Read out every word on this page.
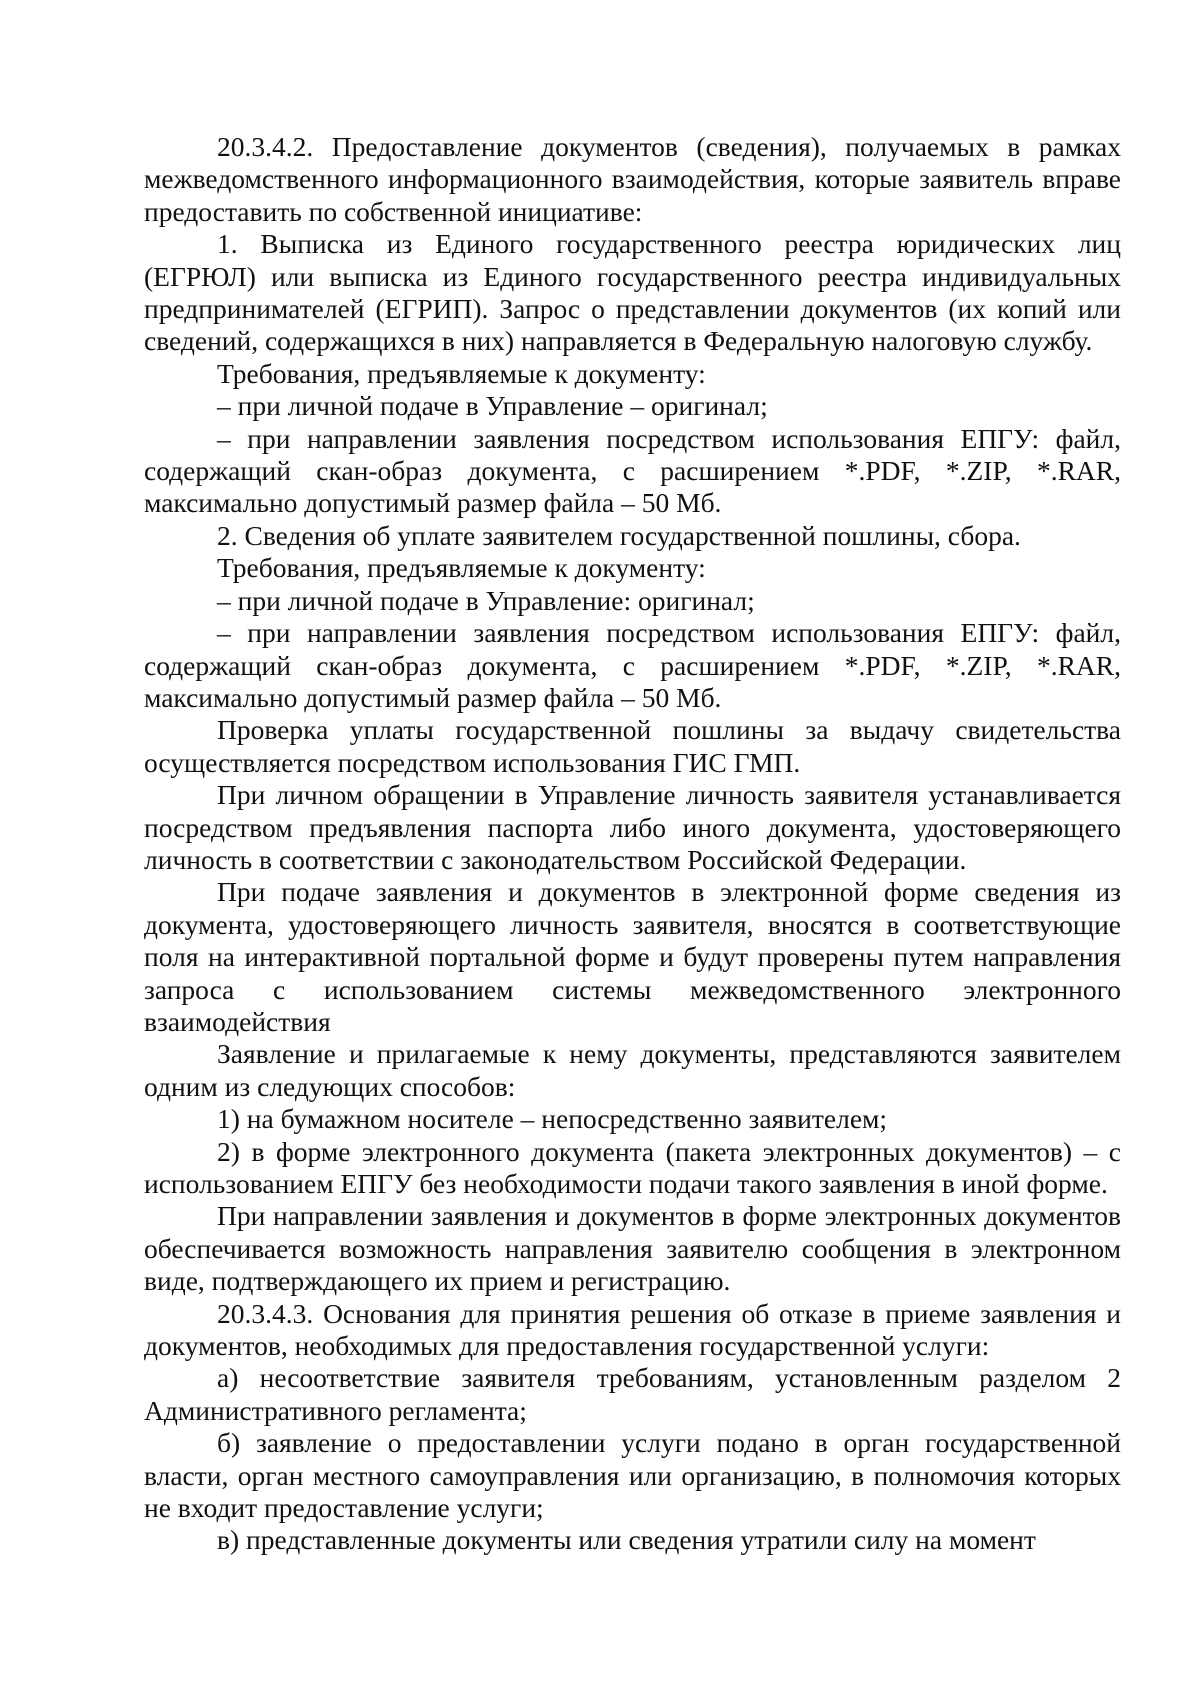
20.3.4.2. Предоставление документов (сведения), получаемых в рамках межведомственного информационного взаимодействия, которые заявитель вправе предоставить по собственной инициативе:

1. Выписка из Единого государственного реестра юридических лиц (ЕГРЮЛ) или выписка из Единого государственного реестра индивидуальных предпринимателей (ЕГРИП). Запрос о представлении документов (их копий или сведений, содержащихся в них) направляется в Федеральную налоговую службу.

Требования, предъявляемые к документу:

– при личной подаче в Управление – оригинал;

– при направлении заявления посредством использования ЕПГУ: файл, содержащий скан-образ документа, с расширением *.PDF, *.ZIP, *.RAR, максимально допустимый размер файла – 50 Мб.

2. Сведения об уплате заявителем государственной пошлины, сбора.

Требования, предъявляемые к документу:

– при личной подаче в Управление: оригинал;

– при направлении заявления посредством использования ЕПГУ: файл, содержащий скан-образ документа, с расширением *.PDF, *.ZIP, *.RAR, максимально допустимый размер файла – 50 Мб.

Проверка уплаты государственной пошлины за выдачу свидетельства осуществляется посредством использования ГИС ГМП.

При личном обращении в Управление личность заявителя устанавливается посредством предъявления паспорта либо иного документа, удостоверяющего личность в соответствии с законодательством Российской Федерации.

При подаче заявления и документов в электронной форме сведения из документа, удостоверяющего личность заявителя, вносятся в соответствующие поля на интерактивной портальной форме и будут проверены путем направления запроса с использованием системы межведомственного электронного взаимодействия

Заявление и прилагаемые к нему документы, представляются заявителем одним из следующих способов:

1) на бумажном носителе – непосредственно заявителем;

2) в форме электронного документа (пакета электронных документов) – с использованием ЕПГУ без необходимости подачи такого заявления в иной форме.

При направлении заявления и документов в форме электронных документов обеспечивается возможность направления заявителю сообщения в электронном виде, подтверждающего их прием и регистрацию.

20.3.4.3. Основания для принятия решения об отказе в приеме заявления и документов, необходимых для предоставления государственной услуги:

а) несоответствие заявителя требованиям, установленным разделом 2 Административного регламента;

б) заявление о предоставлении услуги подано в орган государственной власти, орган местного самоуправления или организацию, в полномочия которых не входит предоставление услуги;

в) представленные документы или сведения утратили силу на момент
